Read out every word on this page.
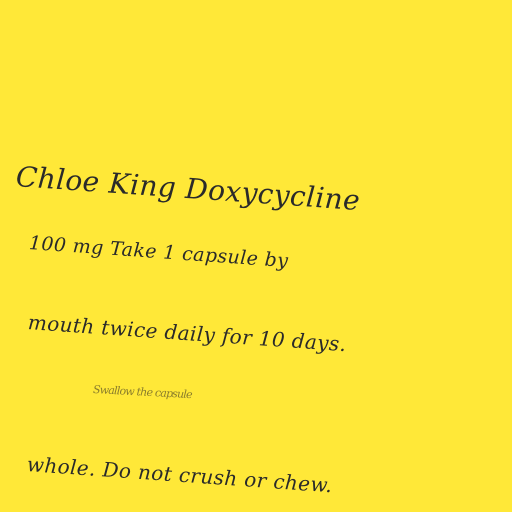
Chloe King Doxycycline
100 mg Take 1 capsule by
mouth twice daily for 10 days.
Swallow the capsule
whole. Do not crush or chew.
